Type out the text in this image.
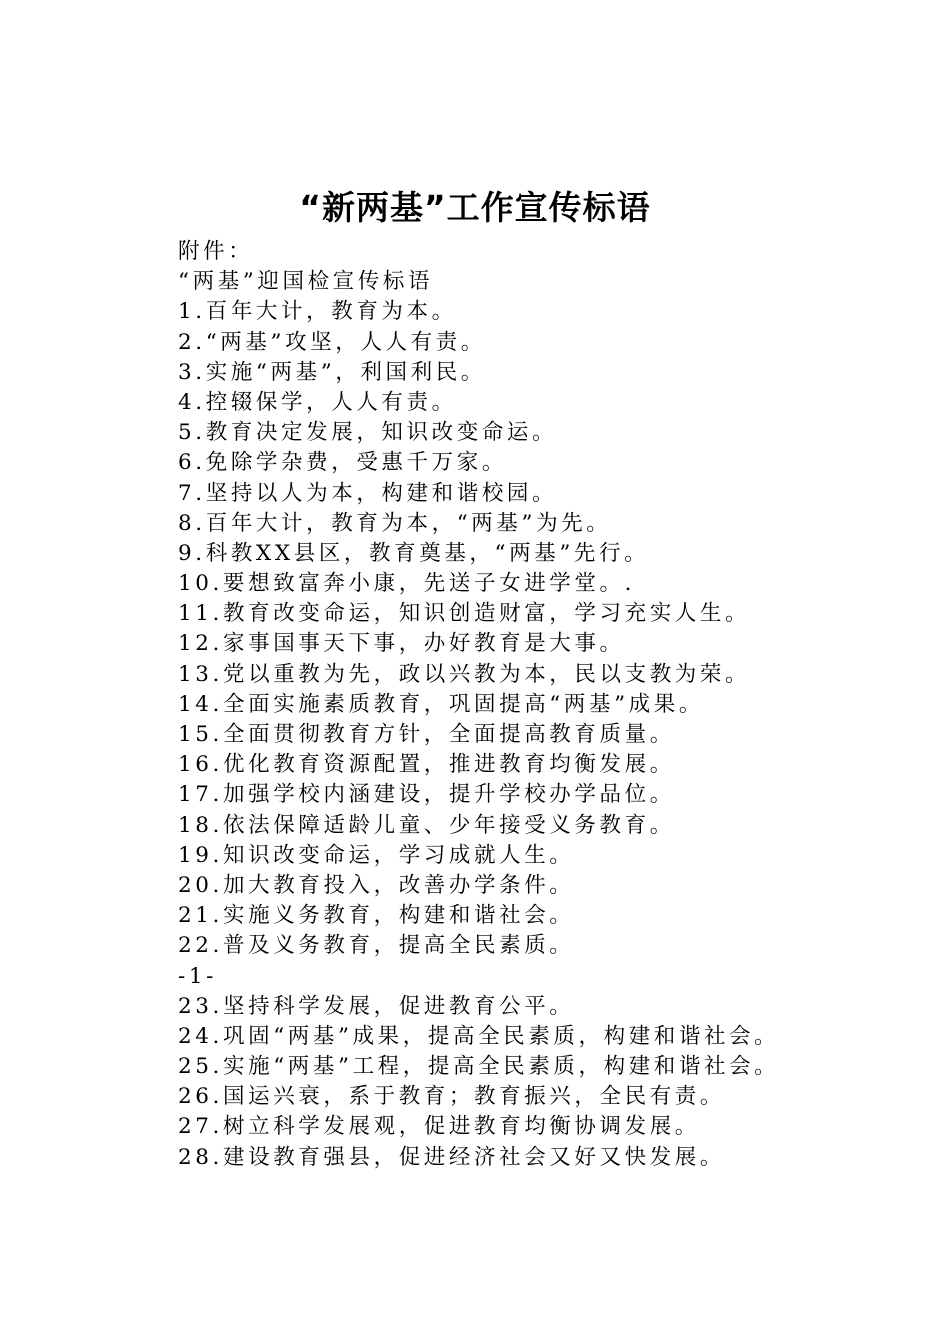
“新两基”工作宣传标语
附件：
“两基”迎国检宣传标语
1.百年大计，教育为本。
2.“两基”攻坚，人人有责。
3.实施“两基”，利国利民。
4.控辍保学，人人有责。
5.教育决定发展，知识改变命运。
6.免除学杂费，受惠千万家。
7.坚持以人为本，构建和谐校园。
8.百年大计，教育为本，“两基”为先。
9.科教XX县区，教育奠基，“两基”先行。
10.要想致富奔小康，先送子女进学堂。.
11.教育改变命运，知识创造财富，学习充实人生。
12.家事国事天下事，办好教育是大事。
13.党以重教为先，政以兴教为本，民以支教为荣。
14.全面实施素质教育，巩固提高“两基”成果。
15.全面贯彻教育方针，全面提高教育质量。
16.优化教育资源配置，推进教育均衡发展。
17.加强学校内涵建设，提升学校办学品位。
18.依法保障适龄儿童、少年接受义务教育。
19.知识改变命运，学习成就人生。
20.加大教育投入，改善办学条件。
21.实施义务教育，构建和谐社会。
22.普及义务教育，提高全民素质。
-1-
23.坚持科学发展，促进教育公平。
24.巩固“两基”成果，提高全民素质，构建和谐社会。
25.实施“两基”工程，提高全民素质，构建和谐社会。
26.国运兴衰，系于教育；教育振兴，全民有责。
27.树立科学发展观，促进教育均衡协调发展。
28.建设教育强县，促进经济社会又好又快发展。
